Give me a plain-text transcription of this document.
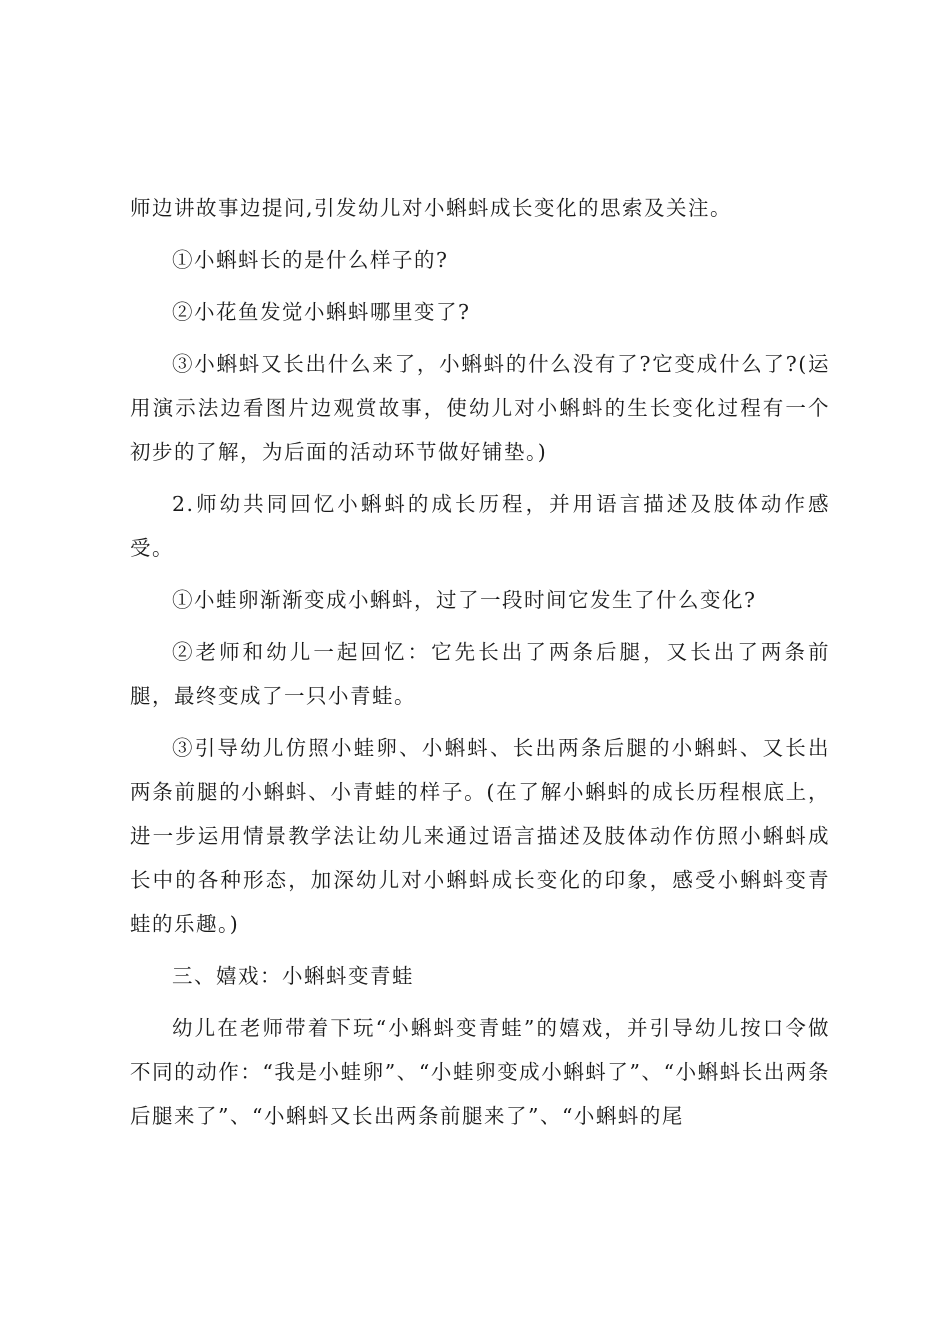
师边讲故事边提问,引发幼儿对小蝌蚪成长变化的思索及关注。

①小蝌蚪长的是什么样子的?

②小花鱼发觉小蝌蚪哪里变了?

③小蝌蚪又长出什么来了，小蝌蚪的什么没有了?它变成什么了?(运用演示法边看图片边观赏故事，使幼儿对小蝌蚪的生长变化过程有一个初步的了解，为后面的活动环节做好铺垫。)

2.师幼共同回忆小蝌蚪的成长历程，并用语言描述及肢体动作感受。

①小蛙卵渐渐变成小蝌蚪，过了一段时间它发生了什么变化?

②老师和幼儿一起回忆：它先长出了两条后腿，又长出了两条前腿，最终变成了一只小青蛙。

③引导幼儿仿照小蛙卵、小蝌蚪、长出两条后腿的小蝌蚪、又长出两条前腿的小蝌蚪、小青蛙的样子。(在了解小蝌蚪的成长历程根底上，进一步运用情景教学法让幼儿来通过语言描述及肢体动作仿照小蝌蚪成长中的各种形态，加深幼儿对小蝌蚪成长变化的印象，感受小蝌蚪变青蛙的乐趣。)

三、嬉戏：小蝌蚪变青蛙

幼儿在老师带着下玩“小蝌蚪变青蛙”的嬉戏，并引导幼儿按口令做不同的动作：“我是小蛙卵”、“小蛙卵变成小蝌蚪了”、“小蝌蚪长出两条后腿来了”、“小蝌蚪又长出两条前腿来了”、“小蝌蚪的尾
